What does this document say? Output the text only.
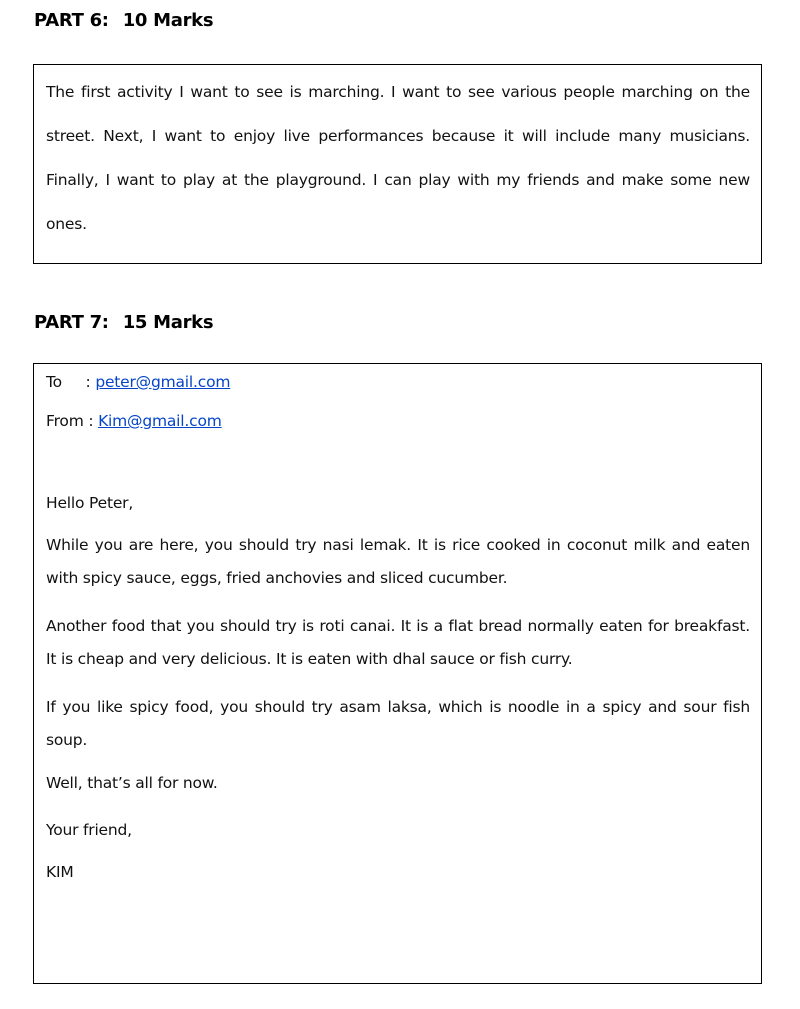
PART 6: 10 Marks

The first activity I want to see is marching. I want to see various people marching on the street. Next, I want to enjoy live performances because it will include many musicians. Finally, I want to play at the playground. I can play with my friends and make some new ones.

PART 7: 15 Marks
To     : peter@gmail.com
From : Kim@gmail.com

Hello Peter,

While you are here, you should try nasi lemak. It is rice cooked in coconut milk and eaten with spicy sauce, eggs, fried anchovies and sliced cucumber.

Another food that you should try is roti canai. It is a flat bread normally eaten for breakfast. It is cheap and very delicious. It is eaten with dhal sauce or fish curry.

If you like spicy food, you should try asam laksa, which is noodle in a spicy and sour fish soup.

Well, that’s all for now.

Your friend,

KIM
